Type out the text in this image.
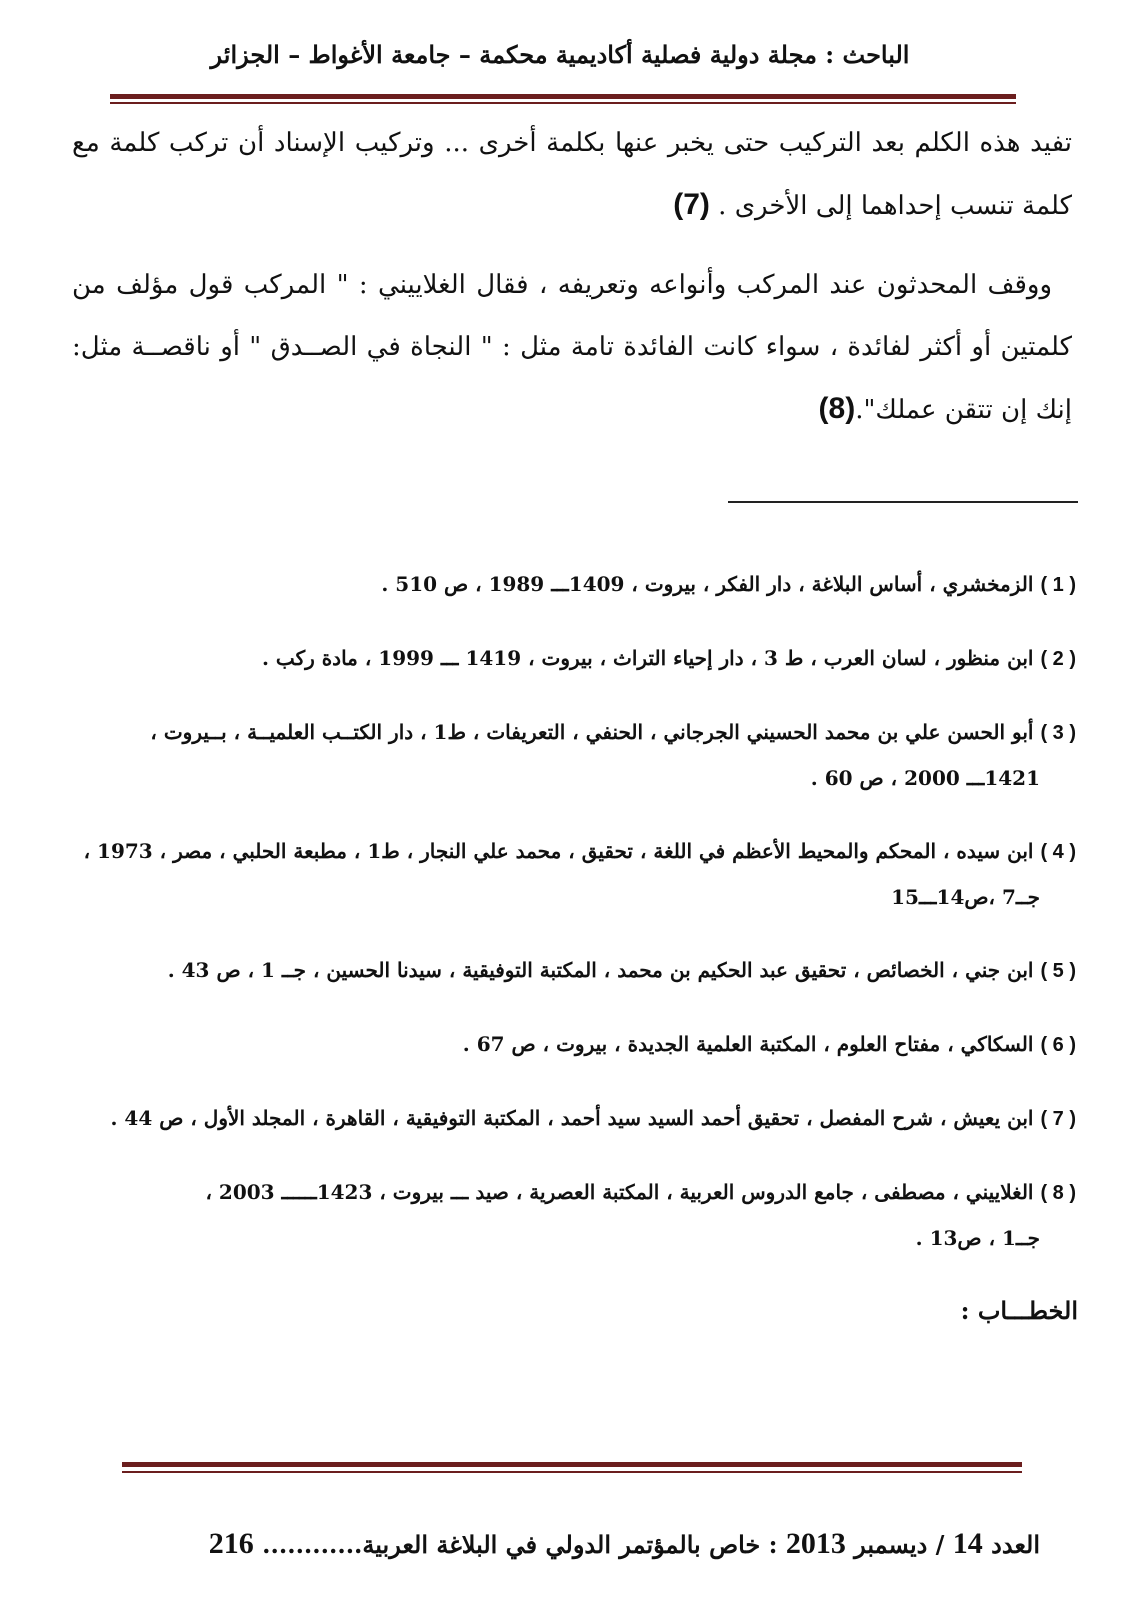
الباحث : مجلة دولية فصلية أكاديمية محكمة – جامعة الأغواط – الجزائر

تفيد هذه الكلم بعد التركيب حتى يخبر عنها بكلمة أخرى ... وتركيب الإسناد أن تركب كلمة مع كلمة تنسب إحداهما إلى الأخرى . (7)

ووقف المحدثون عند المركب وأنواعه وتعريفه ، فقال الغلاييني : " المركب قول مؤلف من كلمتين أو أكثر لفائدة ، سواء كانت الفائدة تامة مثل : " النجاة في الصــدق " أو ناقصــة مثل: إنك إن تتقن عملك".(8)

( 1 ) الزمخشري ، أساس البلاغة ، دار الفكر ، بيروت ، 1409ـــ 1989 ، ص 510 .
( 2 ) ابن منظور ، لسان العرب ، ط 3 ، دار إحياء التراث ، بيروت ، 1419 ـــ 1999 ، مادة ركب .
( 3 ) أبو الحسن علي بن محمد الحسيني الجرجاني ، الحنفي ، التعريفات ، ط1 ، دار الكتــب العلميــة ، بــيروت ،
1421ـــ 2000 ، ص 60 .
( 4 ) ابن سيده ، المحكم والمحيط الأعظم في اللغة ، تحقيق ، محمد علي النجار ، ط1 ، مطبعة الحلبي ، مصر ، 1973 ،
جــ7 ،ص14ـــ15
( 5 ) ابن جني ، الخصائص ، تحقيق عبد الحكيم بن محمد ، المكتبة التوفيقية ، سيدنا الحسين ، جــ 1 ، ص 43 .
( 6 ) السكاكي ، مفتاح العلوم ، المكتبة العلمية الجديدة ، بيروت ، ص 67 .
( 7 ) ابن يعيش ، شرح المفصل ، تحقيق أحمد السيد سيد أحمد ، المكتبة التوفيقية ، القاهرة ، المجلد الأول ، ص 44 .
( 8 ) الغلاييني ، مصطفى ، جامع الدروس العربية ، المكتبة العصرية ، صيد ـــ بيروت ، 1423ــــــ 2003 ،
جــ1 ، ص13 .
الخطـــاب :
العدد 14 / ديسمبر 2013 : خاص بالمؤتمر الدولي في البلاغة العربية............ 216
